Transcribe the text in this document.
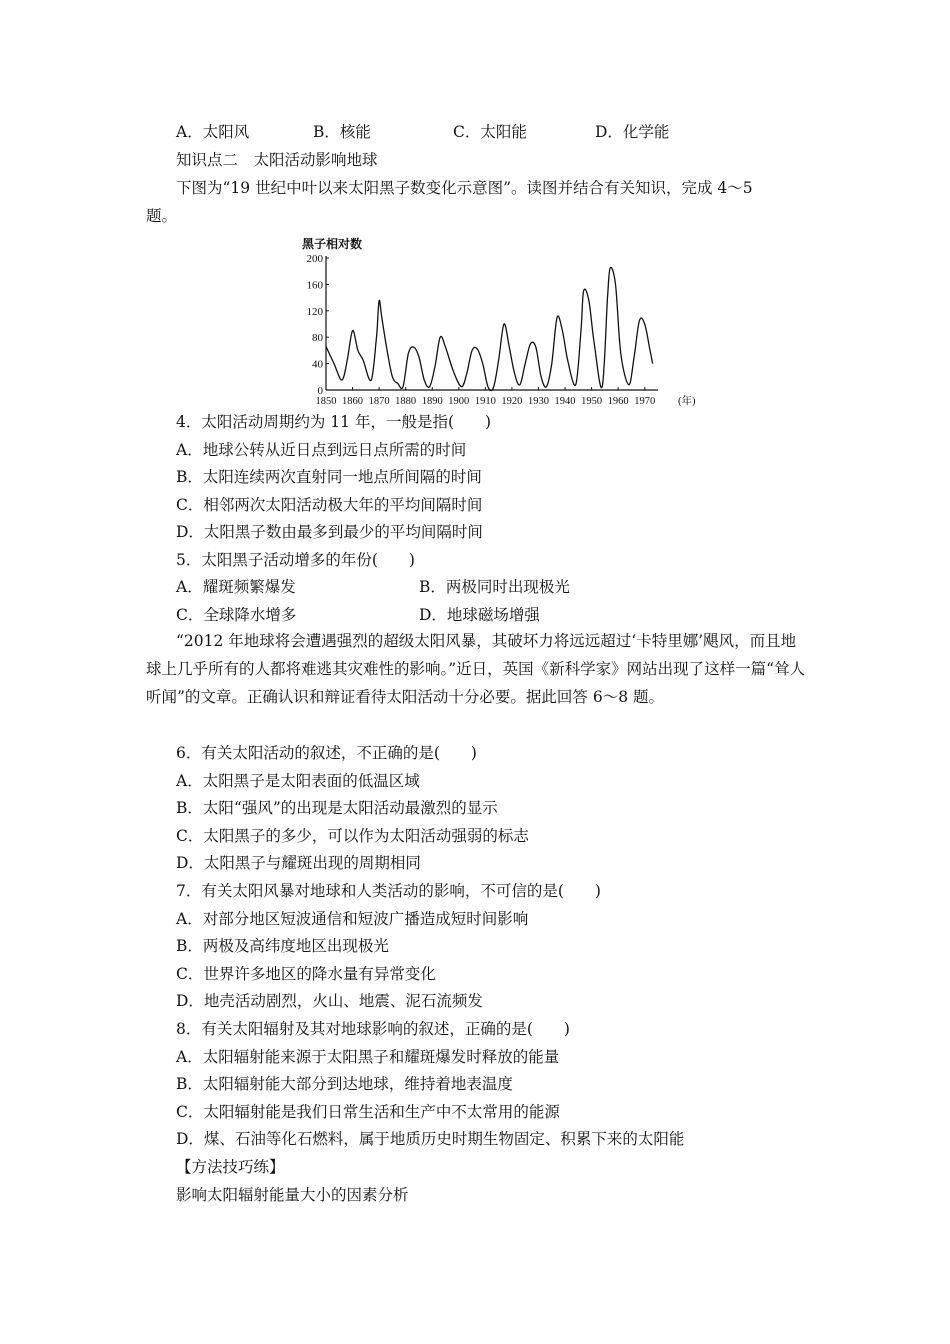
A．太阳风	B．核能	C．太阳能	D．化学能
知识点二　太阳活动影响地球
下图为“19 世纪中叶以来太阳黑子数变化示意图”。读图并结合有关知识，完成 4～5
题。
黑子相对数
0
40
80
120
160
200
1850 1860 1870 1880 1890 1900 1910 1920 1930 1940 1950 1960 1970 (年)
4．太阳活动周期约为 11 年，一般是指(　　)
A．地球公转从近日点到远日点所需的时间
B．太阳连续两次直射同一地点所间隔的时间
C．相邻两次太阳活动极大年的平均间隔时间
D．太阳黑子数由最多到最少的平均间隔时间
5．太阳黑子活动增多的年份(　　)
A．耀斑频繁爆发	B．两极同时出现极光
C．全球降水增多	D．地球磁场增强

“2012 年地球将会遭遇强烈的超级太阳风暴，其破坏力将远远超过‘卡特里娜’飓风，而且地球上几乎所有的人都将难逃其灾难性的影响。”近日，英国《新科学家》网站出现了这样一篇“耸人听闻”的文章。正确认识和辩证看待太阳活动十分必要。据此回答 6～8 题。

6．有关太阳活动的叙述，不正确的是(　　)
A．太阳黑子是太阳表面的低温区域
B．太阳“强风”的出现是太阳活动最激烈的显示
C．太阳黑子的多少，可以作为太阳活动强弱的标志
D．太阳黑子与耀斑出现的周期相同
7．有关太阳风暴对地球和人类活动的影响，不可信的是(　　)
A．对部分地区短波通信和短波广播造成短时间影响
B．两极及高纬度地区出现极光
C．世界许多地区的降水量有异常变化
D．地壳活动剧烈，火山、地震、泥石流频发
8．有关太阳辐射及其对地球影响的叙述，正确的是(　　)
A．太阳辐射能来源于太阳黑子和耀斑爆发时释放的能量
B．太阳辐射能大部分到达地球，维持着地表温度
C．太阳辐射能是我们日常生活和生产中不太常用的能源
D．煤、石油等化石燃料，属于地质历史时期生物固定、积累下来的太阳能
【方法技巧练】
影响太阳辐射能量大小的因素分析
